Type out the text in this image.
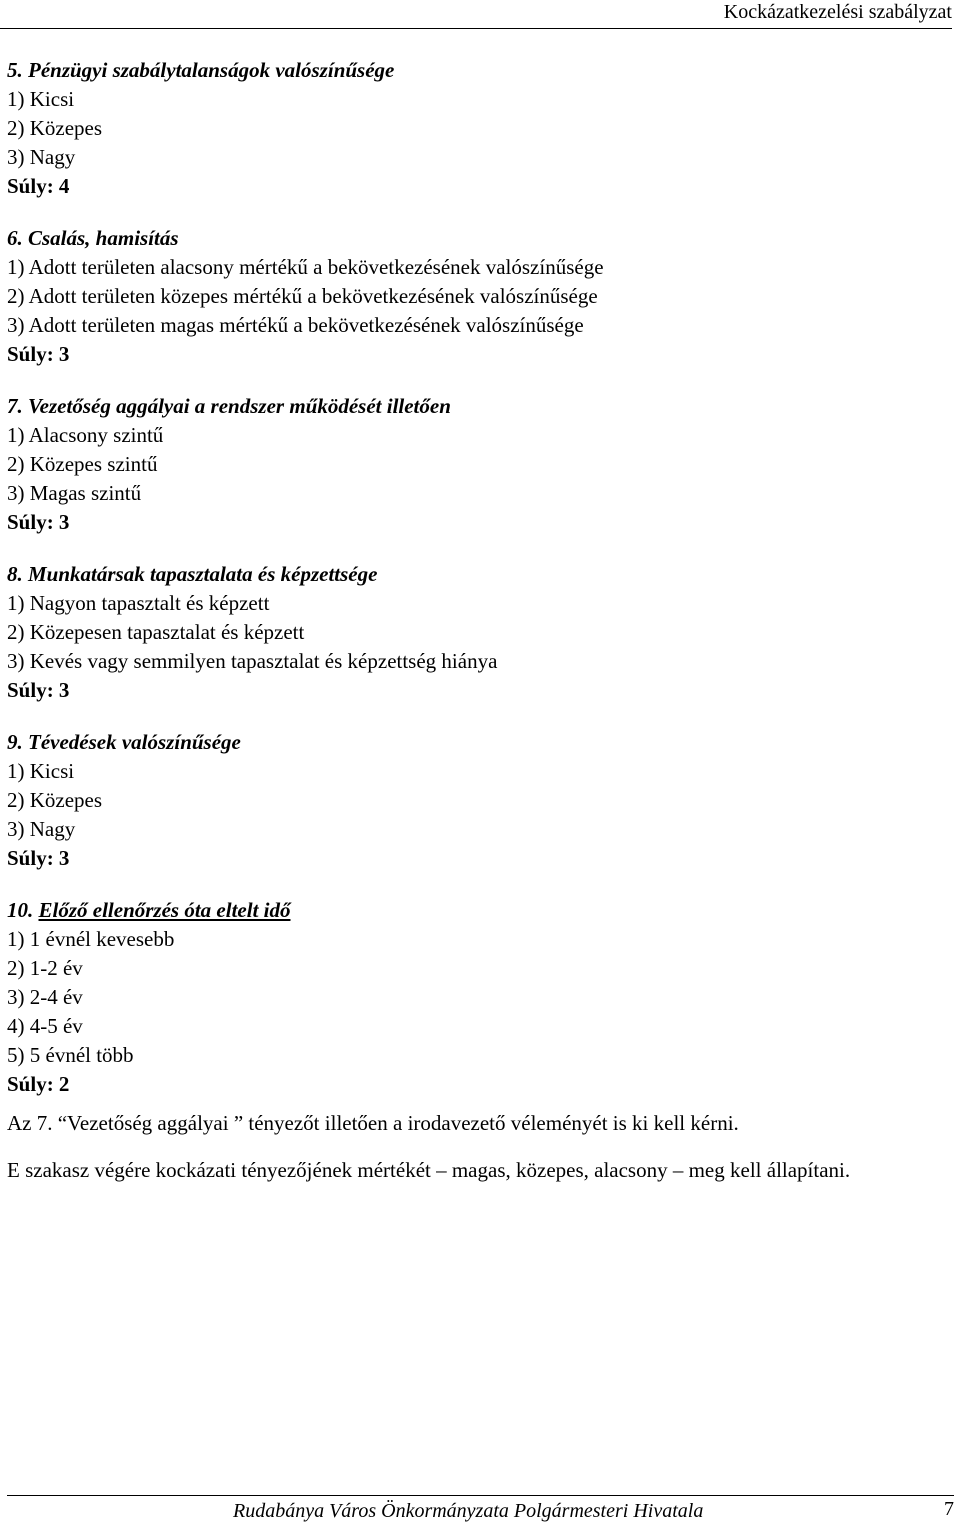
Kockázatkezelési szabályzat
5. Pénzügyi szabálytalanságok valószínűsége
1) Kicsi
2) Közepes
3) Nagy
Súly: 4
6. Csalás, hamisítás
1) Adott területen alacsony mértékű a bekövetkezésének valószínűsége
2) Adott területen közepes mértékű a bekövetkezésének valószínűsége
3) Adott területen magas mértékű a bekövetkezésének valószínűsége
Súly: 3
7. Vezetőség aggályai a rendszer működését illetően
1) Alacsony szintű
2) Közepes szintű
3) Magas szintű
Súly: 3
8. Munkatársak tapasztalata és képzettsége
1) Nagyon tapasztalt és képzett
2) Közepesen tapasztalat és képzett
3) Kevés vagy semmilyen tapasztalat és képzettség hiánya
Súly: 3
9. Tévedések valószínűsége
1) Kicsi
2) Közepes
3) Nagy
Súly: 3
10. Előző ellenőrzés óta eltelt idő
1) 1 évnél kevesebb
2) 1-2 év
3) 2-4 év
4) 4-5 év
5) 5 évnél több
Súly: 2
Az 7. “Vezetőség aggályai ” tényezőt illetően a irodavezető véleményét is ki kell kérni.
E szakasz végére kockázati tényezőjének mértékét – magas, közepes, alacsony – meg kell állapítani.
Rudabánya Város Önkormányzata Polgármesteri Hivatala	7
